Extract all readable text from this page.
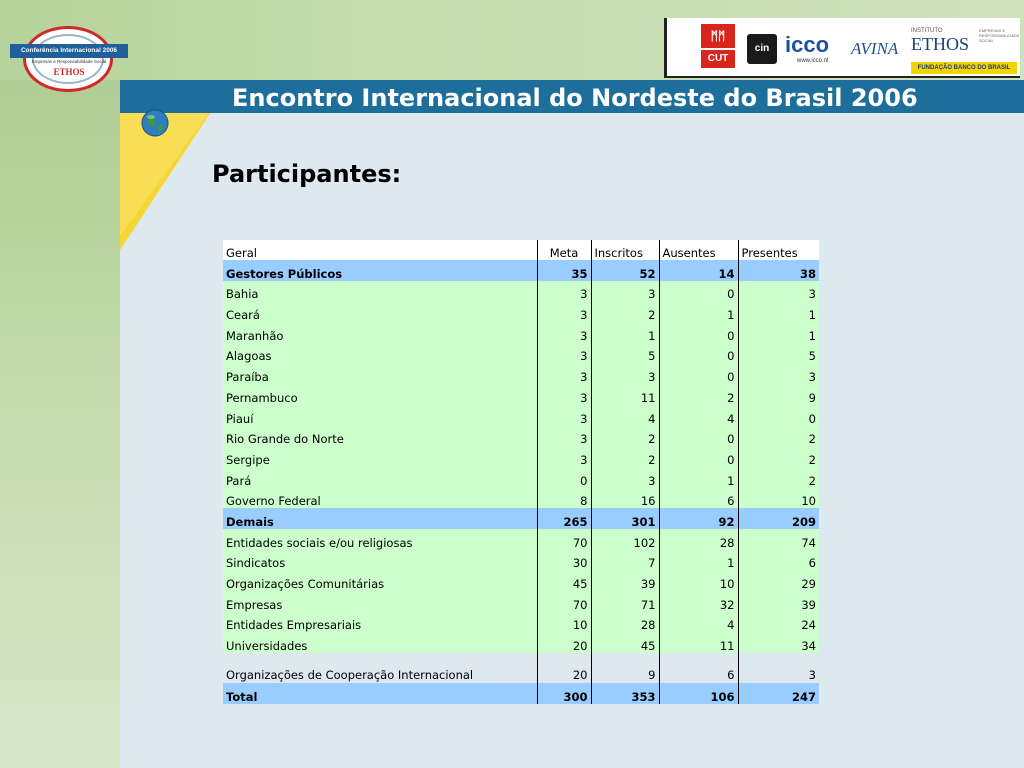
Encontro Internacional do Nordeste do Brasil 2006
Conferência Internacional 2006
Empresas e Responsabilidade Social
ETHOS
ᛗᛗ
CUT
cin icco
www.icco.nl
AVINA
INSTITUTO
ETHOS
EMPRESAS E RESPONSABILIDADE SOCIAL
FUNDAÇÃO BANCO DO BRASIL
Participantes:
Geral	Meta	Inscritos	Ausentes	Presentes
Gestores Públicos	35	52	14	38
Bahia	3	3	0	3
Ceará	3	2	1	1
Maranhão	3	1	0	1
Alagoas	3	5	0	5
Paraíba	3	3	0	3
Pernambuco	3	11	2	9
Piauí	3	4	4	0
Rio Grande do Norte	3	2	0	2
Sergipe	3	2	0	2
Pará	0	3	1	2
Governo Federal	8	16	6	10
Demais	265	301	92	209
Entidades sociais e/ou religiosas	70	102	28	74
Sindicatos	30	7	1	6
Organizações Comunitárias	45	39	10	29
Empresas	70	71	32	39
Entidades Empresariais	10	28	4	24
Universidades	20	45	11	34
Organizações de Cooperação Internacional	20	9	6	3
Total	300	353	106	247
